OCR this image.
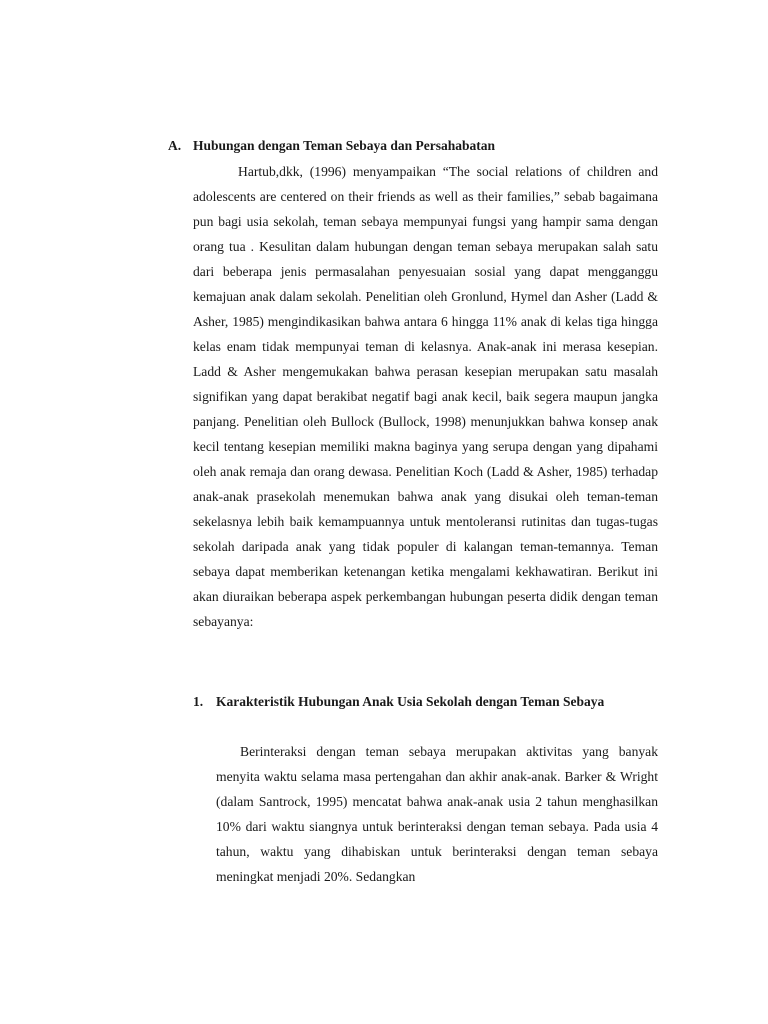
A. Hubungan dengan Teman Sebaya dan Persahabatan

Hartub,dkk, (1996) menyampaikan “The social relations of children and adolescents are centered on their friends as well as their families,” sebab bagaimana pun bagi usia sekolah, teman sebaya mempunyai fungsi yang hampir sama dengan orang tua . Kesulitan dalam hubungan dengan teman sebaya merupakan salah satu dari beberapa jenis permasalahan penyesuaian sosial yang dapat mengganggu kemajuan anak dalam sekolah. Penelitian oleh Gronlund, Hymel dan Asher (Ladd & Asher, 1985) mengindikasikan bahwa antara 6 hingga 11% anak di kelas tiga hingga kelas enam tidak mempunyai teman di kelasnya. Anak-anak ini merasa kesepian. Ladd & Asher mengemukakan bahwa perasan kesepian merupakan satu masalah signifikan yang dapat berakibat negatif bagi anak kecil, baik segera maupun jangka panjang. Penelitian oleh Bullock (Bullock, 1998) menunjukkan bahwa konsep anak kecil tentang kesepian memiliki makna baginya yang serupa dengan yang dipahami oleh anak remaja dan orang dewasa. Penelitian Koch (Ladd & Asher, 1985) terhadap anak-anak prasekolah menemukan bahwa anak yang disukai oleh teman-teman sekelasnya lebih baik kemampuannya untuk mentoleransi rutinitas dan tugas-tugas sekolah daripada anak yang tidak populer di kalangan teman-temannya. Teman sebaya dapat memberikan ketenangan ketika mengalami kekhawatiran. Berikut ini akan diuraikan beberapa aspek perkembangan hubungan peserta didik dengan teman sebayanya:

1. Karakteristik Hubungan Anak Usia Sekolah dengan Teman Sebaya

Berinteraksi dengan teman sebaya merupakan aktivitas yang banyak menyita waktu selama masa pertengahan dan akhir anak-anak. Barker & Wright (dalam Santrock, 1995) mencatat bahwa anak-anak usia 2 tahun menghasilkan 10% dari waktu siangnya untuk berinteraksi dengan teman sebaya. Pada usia 4 tahun, waktu yang dihabiskan untuk berinteraksi dengan teman sebaya meningkat menjadi 20%. Sedangkan
